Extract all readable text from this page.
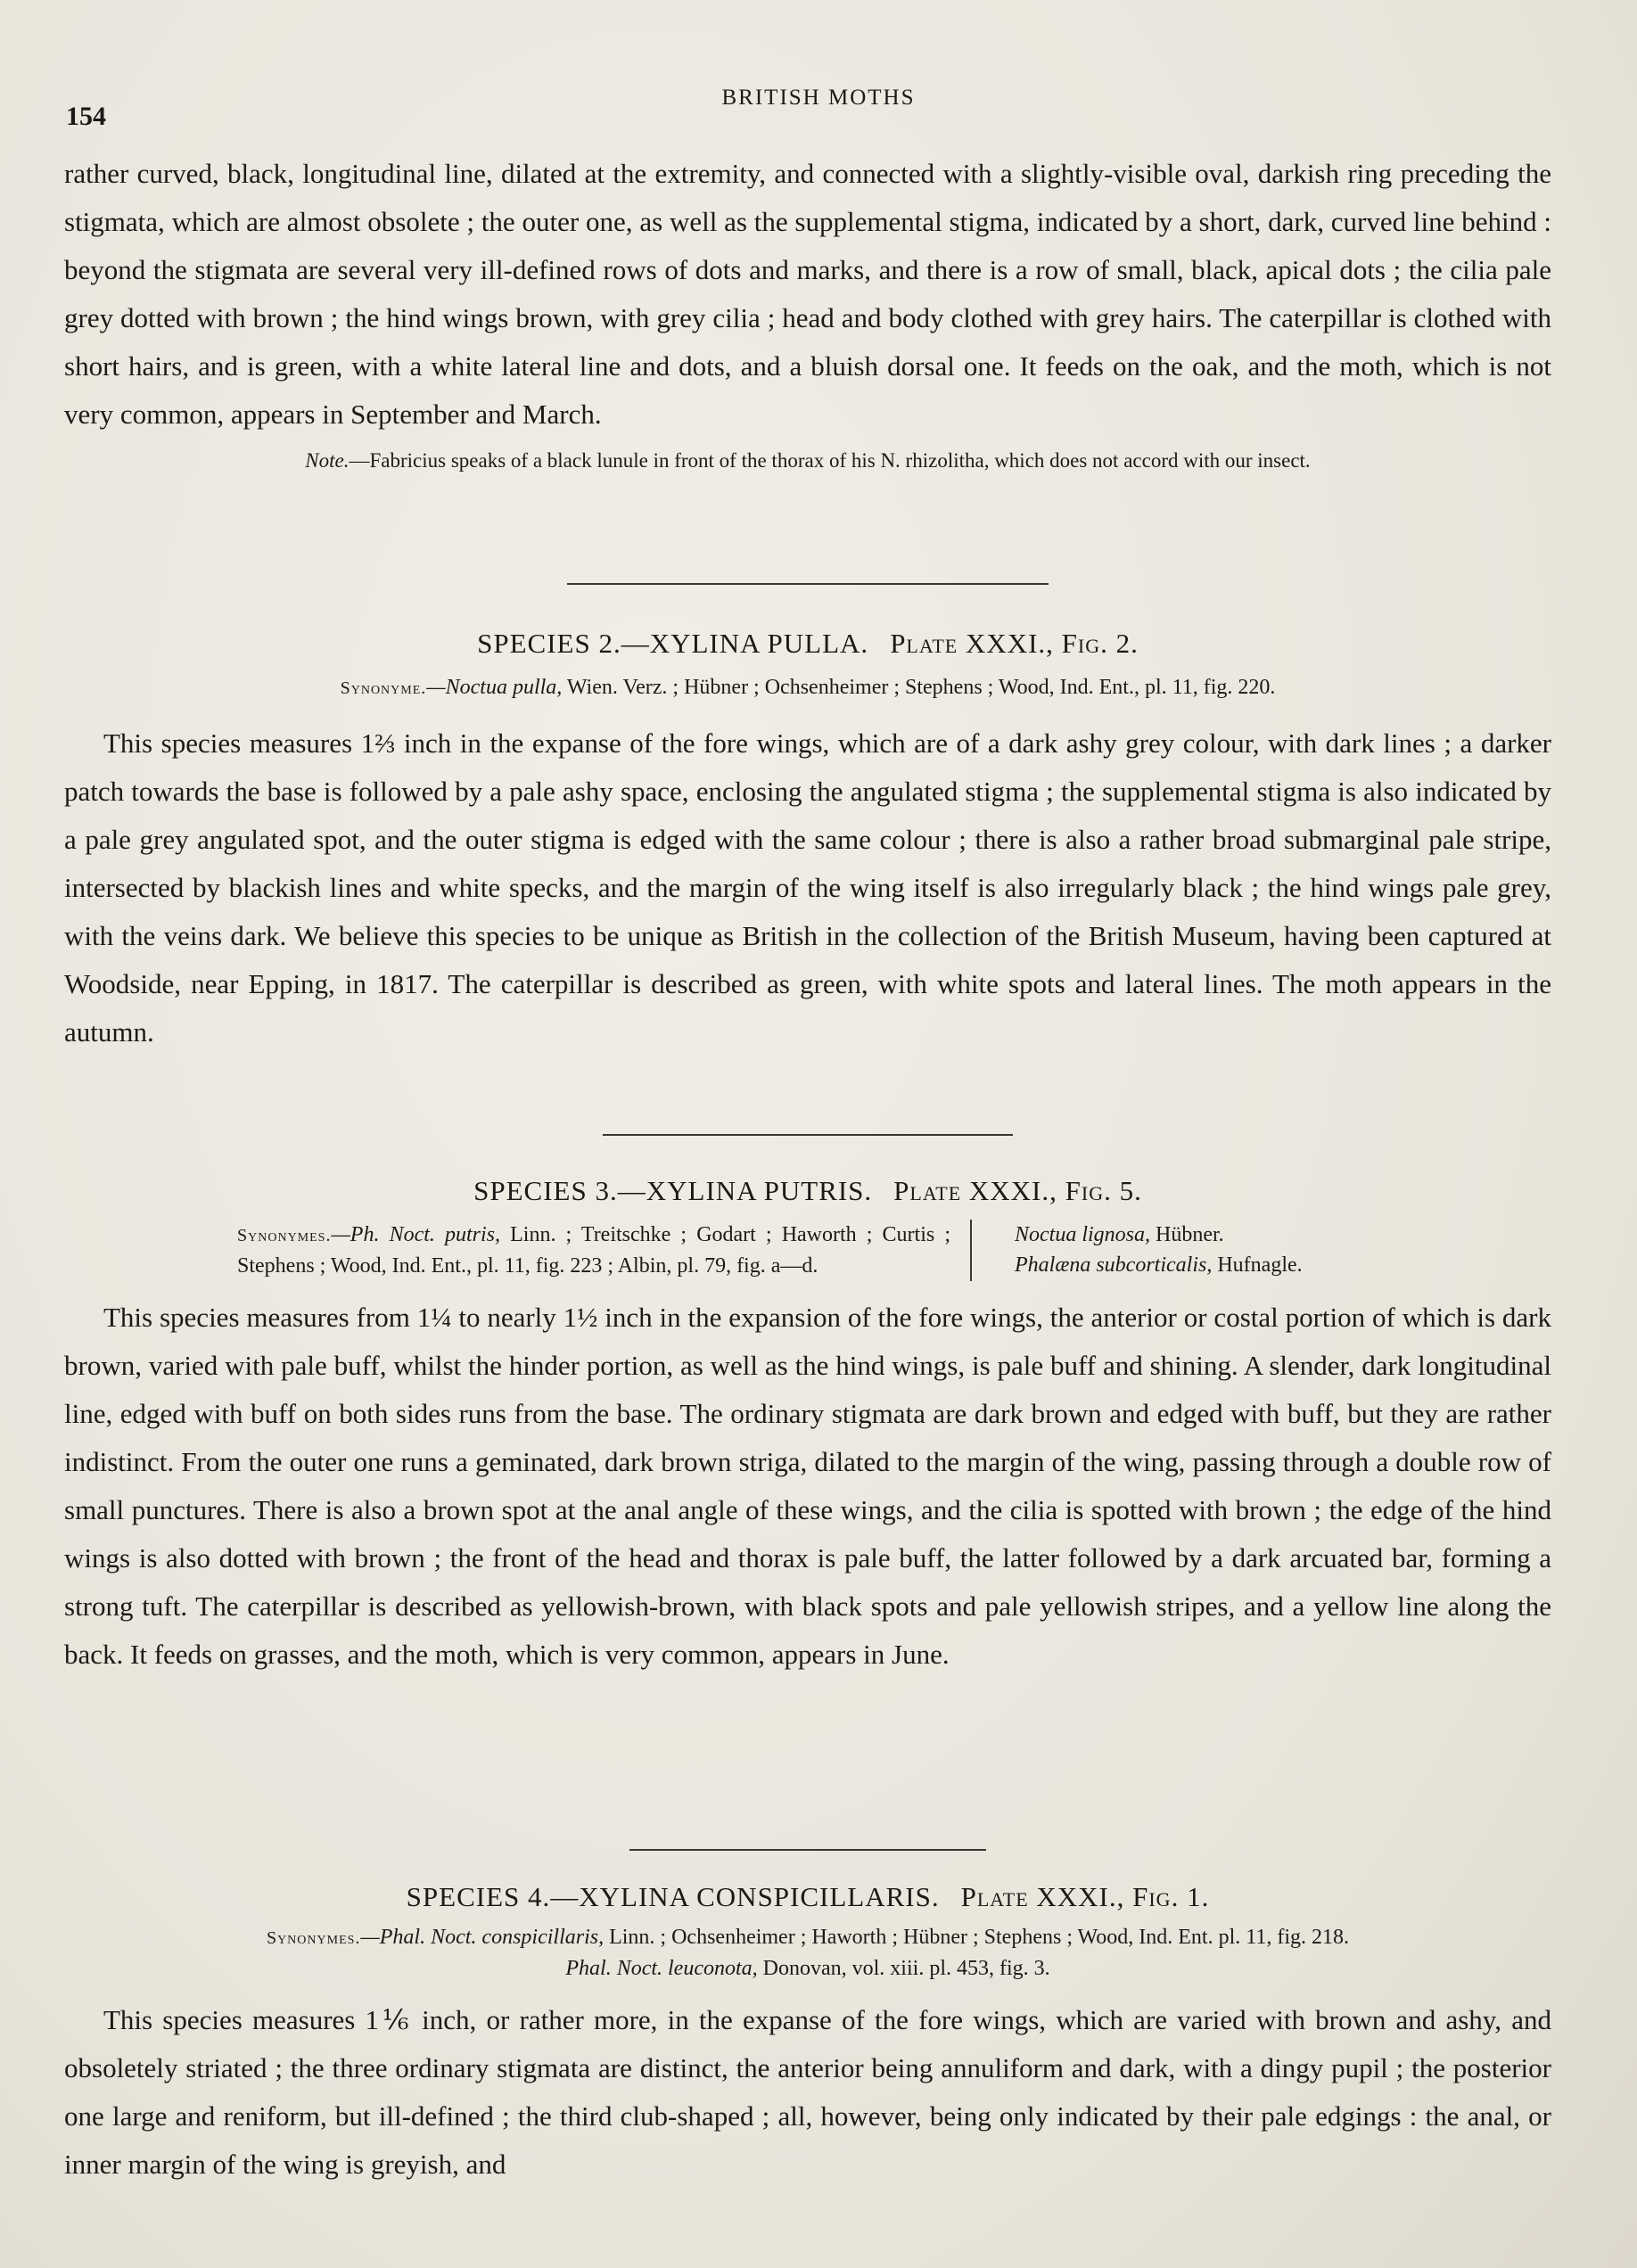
154
BRITISH MOTHS

rather curved, black, longitudinal line, dilated at the extremity, and connected with a slightly-visible oval, darkish ring preceding the stigmata, which are almost obsolete ; the outer one, as well as the supplemental stigma, indicated by a short, dark, curved line behind : beyond the stigmata are several very ill-defined rows of dots and marks, and there is a row of small, black, apical dots ; the cilia pale grey dotted with brown ; the hind wings brown, with grey cilia ; head and body clothed with grey hairs. The caterpillar is clothed with short hairs, and is green, with a white lateral line and dots, and a bluish dorsal one. It feeds on the oak, and the moth, which is not very common, appears in September and March.

Note.—Fabricius speaks of a black lunule in front of the thorax of his N. rhizolitha, which does not accord with our insect.
SPECIES 2.—XYLINA PULLA. Plate XXXI., Fig. 2.
Synonyme.—Noctua pulla, Wien. Verz. ; Hübner ; Ochsenheimer ; Stephens ; Wood, Ind. Ent., pl. 11, fig. 220.

This species measures 1⅔ inch in the expanse of the fore wings, which are of a dark ashy grey colour, with dark lines ; a darker patch towards the base is followed by a pale ashy space, enclosing the angulated stigma ; the supplemental stigma is also indicated by a pale grey angulated spot, and the outer stigma is edged with the same colour ; there is also a rather broad submarginal pale stripe, intersected by blackish lines and white specks, and the margin of the wing itself is also irregularly black ; the hind wings pale grey, with the veins dark. We believe this species to be unique as British in the collection of the British Museum, having been captured at Woodside, near Epping, in 1817. The caterpillar is described as green, with white spots and lateral lines. The moth appears in the autumn.

SPECIES 3.—XYLINA PUTRIS. Plate XXXI., Fig. 5.
Synonymes.—Ph. Noct. putris, Linn. ; Treitschke ; Godart ; Haworth ; Curtis ; Stephens ; Wood, Ind. Ent., pl. 11, fig. 223 ; Albin, pl. 79, fig. a—d.
Noctua lignosa, Hübner.
Phalæna subcorticalis, Hufnagle.

This species measures from 1¼ to nearly 1½ inch in the expansion of the fore wings, the anterior or costal portion of which is dark brown, varied with pale buff, whilst the hinder portion, as well as the hind wings, is pale buff and shining. A slender, dark longitudinal line, edged with buff on both sides runs from the base. The ordinary stigmata are dark brown and edged with buff, but they are rather indistinct. From the outer one runs a geminated, dark brown striga, dilated to the margin of the wing, passing through a double row of small punctures. There is also a brown spot at the anal angle of these wings, and the cilia is spotted with brown ; the edge of the hind wings is also dotted with brown ; the front of the head and thorax is pale buff, the latter followed by a dark arcuated bar, forming a strong tuft. The caterpillar is described as yellowish-brown, with black spots and pale yellowish stripes, and a yellow line along the back. It feeds on grasses, and the moth, which is very common, appears in June.

SPECIES 4.—XYLINA CONSPICILLARIS. Plate XXXI., Fig. 1.
Synonymes.—Phal. Noct. conspicillaris, Linn. ; Ochsenheimer ; Haworth ; Hübner ; Stephens ; Wood, Ind. Ent. pl. 11, fig. 218.
Phal. Noct. leuconota, Donovan, vol. xiii. pl. 453, fig. 3.

This species measures 1⅙ inch, or rather more, in the expanse of the fore wings, which are varied with brown and ashy, and obsoletely striated ; the three ordinary stigmata are distinct, the anterior being annuliform and dark, with a dingy pupil ; the posterior one large and reniform, but ill-defined ; the third club-shaped ; all, however, being only indicated by their pale edgings : the anal, or inner margin of the wing is greyish, and
